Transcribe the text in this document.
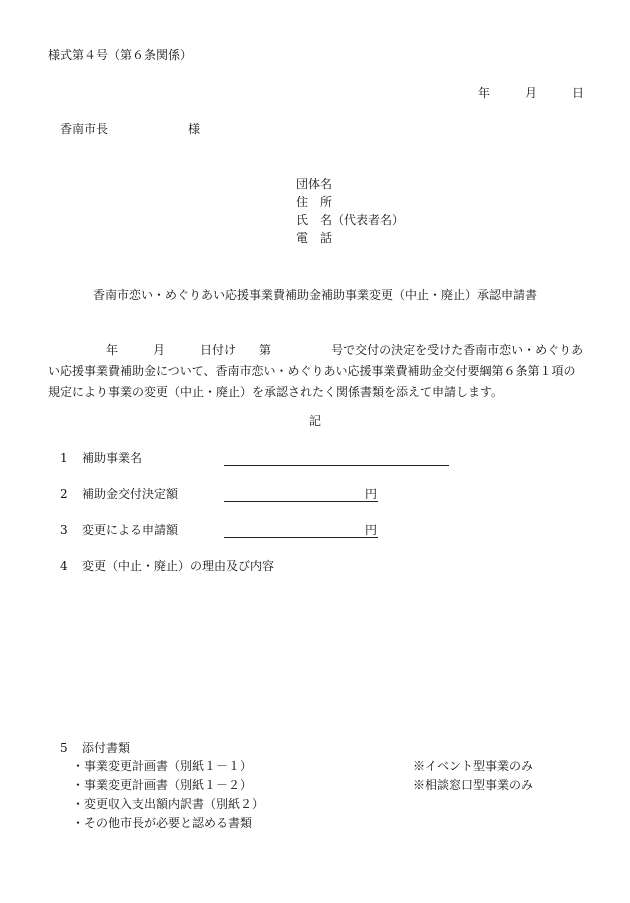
様式第４号（第６条関係）
年	月	日
香南市長	様
団体名
住　所
氏　名（代表者名）
電　話
香南市恋い・めぐりあい応援事業費補助金補助事業変更（中止・廃止）承認申請書
年	月	日付け 第	号で交付の決定を受けた香南市恋い・めぐりあい応援事業費補助金について、香南市恋い・めぐりあい応援事業費補助金交付要綱第６条第１項の規定により事業の変更（中止・廃止）を承認されたく関係書類を添えて申請します。
記
1 補助事業名
2 補助金交付決定額	円
3 変更による申請額	円
4 変更（中止・廃止）の理由及び内容
5 添付書類
・事業変更計画書（別紙１－１）	※イベント型事業のみ
・事業変更計画書（別紙１－２）	※相談窓口型事業のみ
・変更収入支出額内訳書（別紙２）
・その他市長が必要と認める書類
